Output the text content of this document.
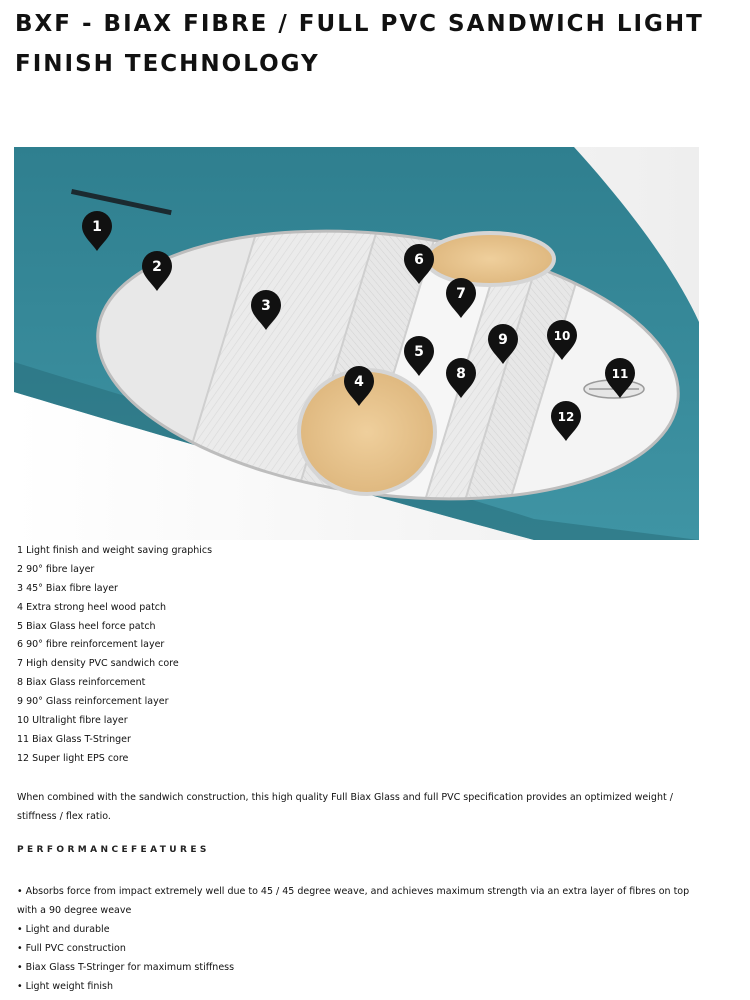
BXF - BIAX FIBRE / FULL PVC SANDWICH LIGHT FINISH TECHNOLOGY
1
2
3
4
5
6
7
8
9	10
11
12
1 Light finish and weight saving graphics
2 90° fibre layer
3 45° Biax fibre layer
4 Extra strong heel wood patch
5 Biax Glass heel force patch
6 90° fibre reinforcement layer
7 High density PVC sandwich core
8 Biax Glass reinforcement
9 90° Glass reinforcement layer
10 Ultralight fibre layer
11 Biax Glass T-Stringer
12 Super light EPS core

When combined with the sandwich construction, this high quality Full Biax Glass and full PVC specification provides an optimized weight / stiffness / flex ratio.

PERFORMANCEFEATURES
• Absorbs force from impact extremely well due to 45 / 45 degree weave, and achieves maximum strength via an extra layer of fibres on top with a 90 degree weave
• Light and durable
• Full PVC construction
• Biax Glass T-Stringer for maximum stiffness
• Light weight finish
